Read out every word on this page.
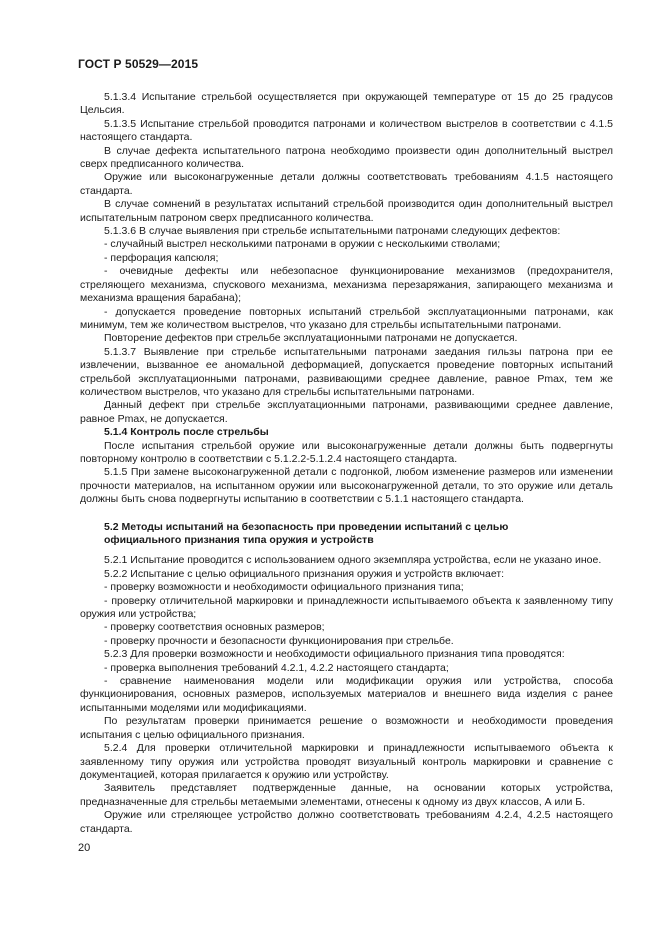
ГОСТ Р 50529—2015

5.1.3.4 Испытание стрельбой осуществляется при окружающей температуре от 15 до 25 градусов Цельсия.

5.1.3.5 Испытание стрельбой проводится патронами и количеством выстрелов в соответствии с 4.1.5 настоящего стандарта.

В случае дефекта испытательного патрона необходимо произвести один дополнительный выстрел сверх предписанного количества.

Оружие или высоконагруженные детали должны соответствовать требованиям 4.1.5 настоящего стандарта.

В случае сомнений в результатах испытаний стрельбой производится один дополнительный выстрел испытательным патроном сверх предписанного количества.

5.1.3.6 В случае выявления при стрельбе испытательными патронами следующих дефектов:

- случайный выстрел несколькими патронами в оружии с несколькими стволами;

- перфорация капсюля;

- очевидные дефекты или небезопасное функционирование механизмов (предохранителя, стреляющего механизма, спускового механизма, механизма перезаряжания, запирающего механизма и механизма вращения барабана);

- допускается проведение повторных испытаний стрельбой эксплуатационными патронами, как минимум, тем же количеством выстрелов, что указано для стрельбы испытательными патронами.

Повторение дефектов при стрельбе эксплуатационными патронами не допускается.

5.1.3.7 Выявление при стрельбе испытательными патронами заедания гильзы патрона при ее извлечении, вызванное ее аномальной деформацией, допускается проведение повторных испытаний стрельбой эксплуатационными патронами, развивающими среднее давление, равное Pmax, тем же количеством выстрелов, что указано для стрельбы испытательными патронами.

Данный дефект при стрельбе эксплуатационными патронами, развивающими среднее давление, равное Pmax, не допускается.

5.1.4 Контроль после стрельбы

После испытания стрельбой оружие или высоконагруженные детали должны быть подвергнуты повторному контролю в соответствии с 5.1.2.2-5.1.2.4 настоящего стандарта.

5.1.5 При замене высоконагруженной детали с подгонкой, любом изменение размеров или изменении прочности материалов, на испытанном оружии или высоконагруженной детали, то это оружие или деталь должны быть снова подвергнуты испытанию в соответствии с 5.1.1 настоящего стандарта.

5.2 Методы испытаний на безопасность при проведении испытаний с целью
официального признания типа оружия и устройств

5.2.1 Испытание проводится с использованием одного экземпляра устройства, если не указано иное.

5.2.2 Испытание с целью официального признания оружия и устройств включает:

- проверку возможности и необходимости официального признания типа;

- проверку отличительной маркировки и принадлежности испытываемого объекта к заявленному типу оружия или устройства;

- проверку соответствия основных размеров;

- проверку прочности и безопасности функционирования при стрельбе.

5.2.3 Для проверки возможности и необходимости официального признания типа проводятся:

- проверка выполнения требований 4.2.1, 4.2.2 настоящего стандарта;

- сравнение наименования модели или модификации оружия или устройства, способа функционирования, основных размеров, используемых материалов и внешнего вида изделия с ранее испытанными моделями или модификациями.

По результатам проверки принимается решение о возможности и необходимости проведения испытания с целью официального признания.

5.2.4 Для проверки отличительной маркировки и принадлежности испытываемого объекта к заявленному типу оружия или устройства проводят визуальный контроль маркировки и сравнение с документацией, которая прилагается к оружию или устройству.

Заявитель представляет подтвержденные данные, на основании которых устройства, предназначенные для стрельбы метаемыми элементами, отнесены к одному из двух классов, А или Б.

Оружие или стреляющее устройство должно соответствовать требованиям 4.2.4, 4.2.5 настоящего стандарта.

20
